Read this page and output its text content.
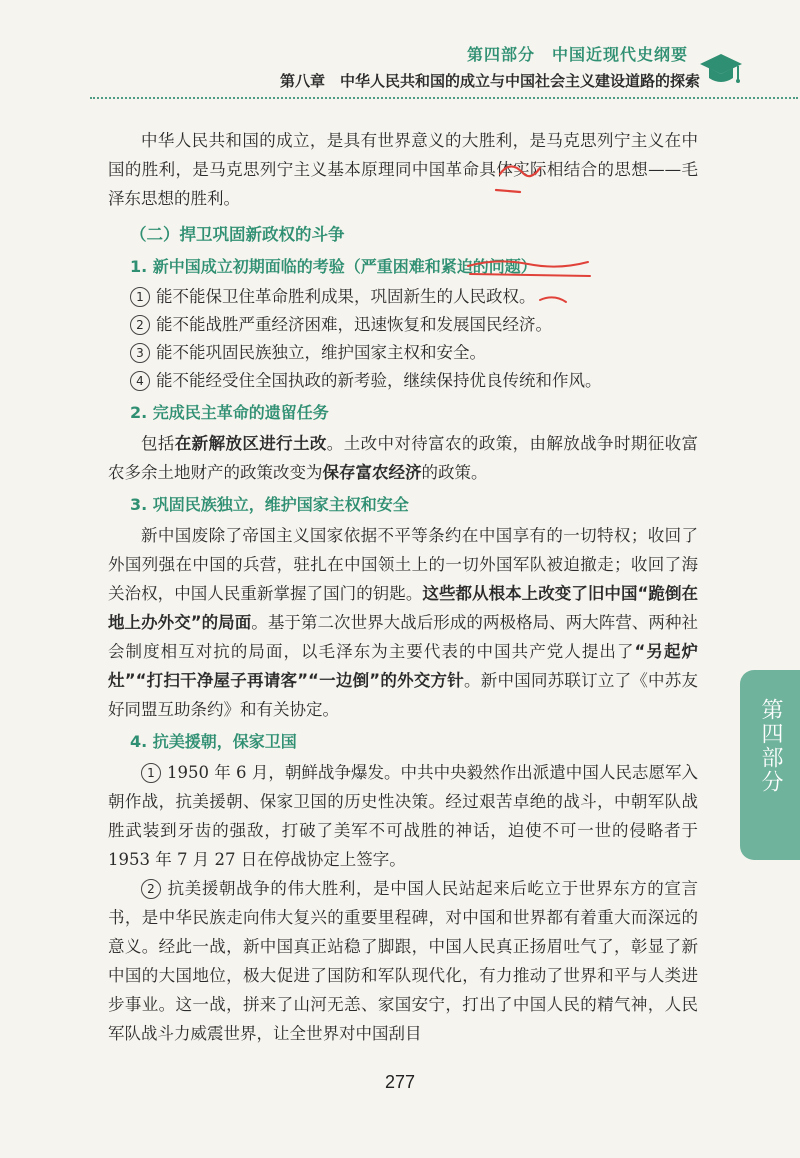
第四部分　中国近现代史纲要
第八章　中华人民共和国的成立与中国社会主义建设道路的探索

中华人民共和国的成立，是具有世界意义的大胜利，是马克思列宁主义在中国的胜利，是马克思列宁主义基本原理同中国革命具体实际相结合的思想——毛泽东思想的胜利。

（二）捍卫巩固新政权的斗争
1. 新中国成立初期面临的考验（严重困难和紧迫的问题）
1 能不能保卫住革命胜利成果，巩固新生的人民政权。
2 能不能战胜严重经济困难，迅速恢复和发展国民经济。
3 能不能巩固民族独立，维护国家主权和安全。
4 能不能经受住全国执政的新考验，继续保持优良传统和作风。
2. 完成民主革命的遗留任务

包括在新解放区进行土改。土改中对待富农的政策，由解放战争时期征收富农多余土地财产的政策改变为保存富农经济的政策。

3. 巩固民族独立，维护国家主权和安全

新中国废除了帝国主义国家依据不平等条约在中国享有的一切特权；收回了外国列强在中国的兵营，驻扎在中国领土上的一切外国军队被迫撤走；收回了海关治权，中国人民重新掌握了国门的钥匙。这些都从根本上改变了旧中国“跪倒在地上办外交”的局面。基于第二次世界大战后形成的两极格局、两大阵营、两种社会制度相互对抗的局面，以毛泽东为主要代表的中国共产党人提出了“另起炉灶”“打扫干净屋子再请客”“一边倒”的外交方针。新中国同苏联订立了《中苏友好同盟互助条约》和有关协定。

4. 抗美援朝，保家卫国

1 1950 年 6 月，朝鲜战争爆发。中共中央毅然作出派遣中国人民志愿军入朝作战，抗美援朝、保家卫国的历史性决策。经过艰苦卓绝的战斗，中朝军队战胜武装到牙齿的强敌，打破了美军不可战胜的神话，迫使不可一世的侵略者于 1953 年 7 月 27 日在停战协定上签字。

2 抗美援朝战争的伟大胜利，是中国人民站起来后屹立于世界东方的宣言书，是中华民族走向伟大复兴的重要里程碑，对中国和世界都有着重大而深远的意义。经此一战，新中国真正站稳了脚跟，中国人民真正扬眉吐气了，彰显了新中国的大国地位，极大促进了国防和军队现代化，有力推动了世界和平与人类进步事业。这一战，拼来了山河无恙、家国安宁，打出了中国人民的精气神，人民军队战斗力威震世界，让全世界对中国刮目

第四部分
277
